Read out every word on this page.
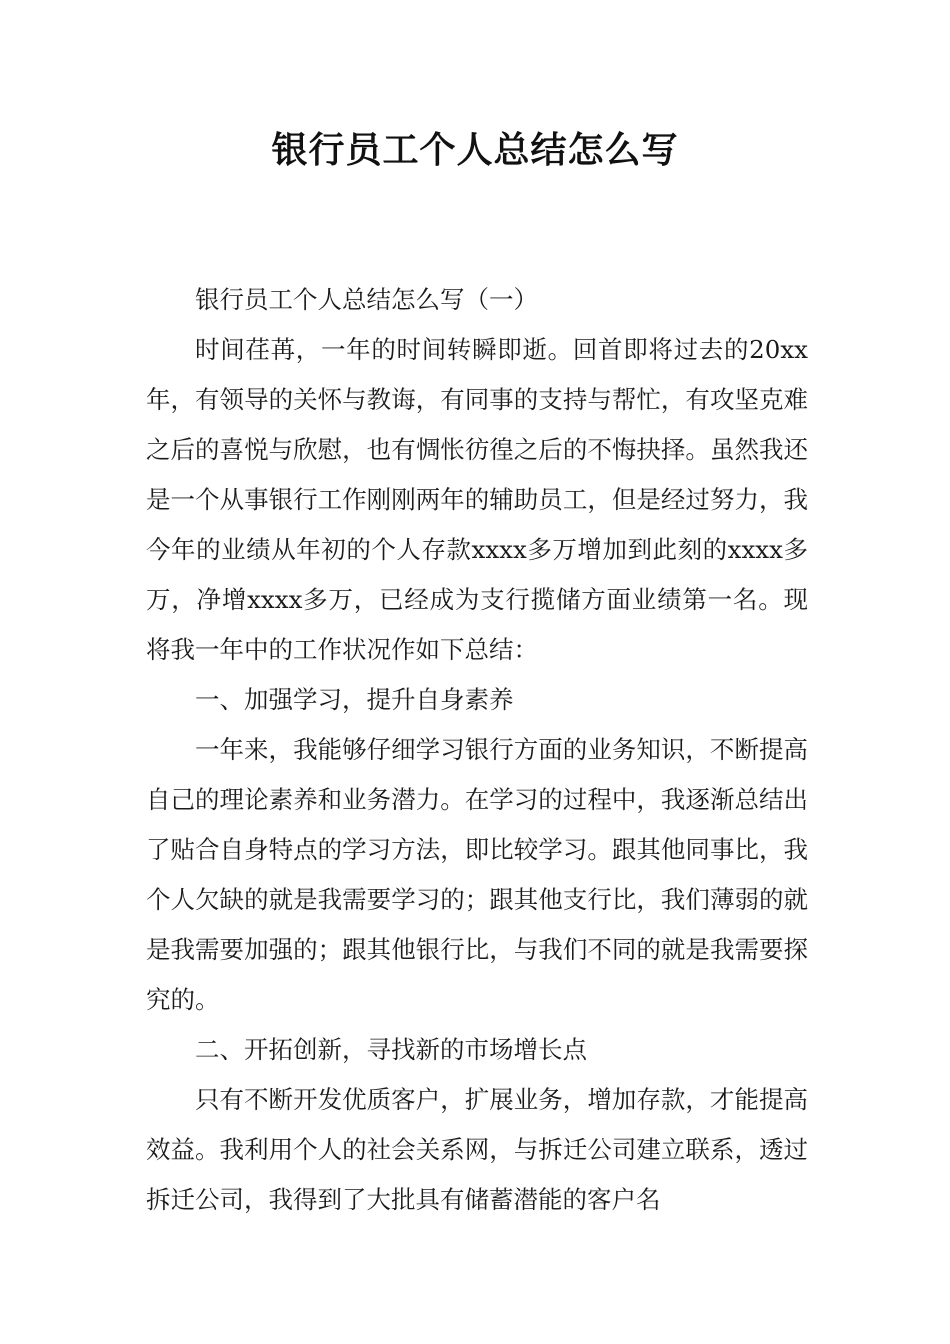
银行员工个人总结怎么写

银行员工个人总结怎么写（一）

时间荏苒，一年的时间转瞬即逝。回首即将过去的20xx年，有领导的关怀与教诲，有同事的支持与帮忙，有攻坚克难之后的喜悦与欣慰，也有惆怅彷徨之后的不悔抉择。虽然我还是一个从事银行工作刚刚两年的辅助员工，但是经过努力，我今年的业绩从年初的个人存款xxxx多万增加到此刻的xxxx多万，净增xxxx多万，已经成为支行揽储方面业绩第一名。现将我一年中的工作状况作如下总结：

一、加强学习，提升自身素养

一年来，我能够仔细学习银行方面的业务知识，不断提高自己的理论素养和业务潜力。在学习的过程中，我逐渐总结出了贴合自身特点的学习方法，即比较学习。跟其他同事比，我个人欠缺的就是我需要学习的；跟其他支行比，我们薄弱的就是我需要加强的；跟其他银行比，与我们不同的就是我需要探究的。

二、开拓创新，寻找新的市场增长点

只有不断开发优质客户，扩展业务，增加存款，才能提高效益。我利用个人的社会关系网，与拆迁公司建立联系，透过拆迁公司，我得到了大批具有储蓄潜能的客户名
